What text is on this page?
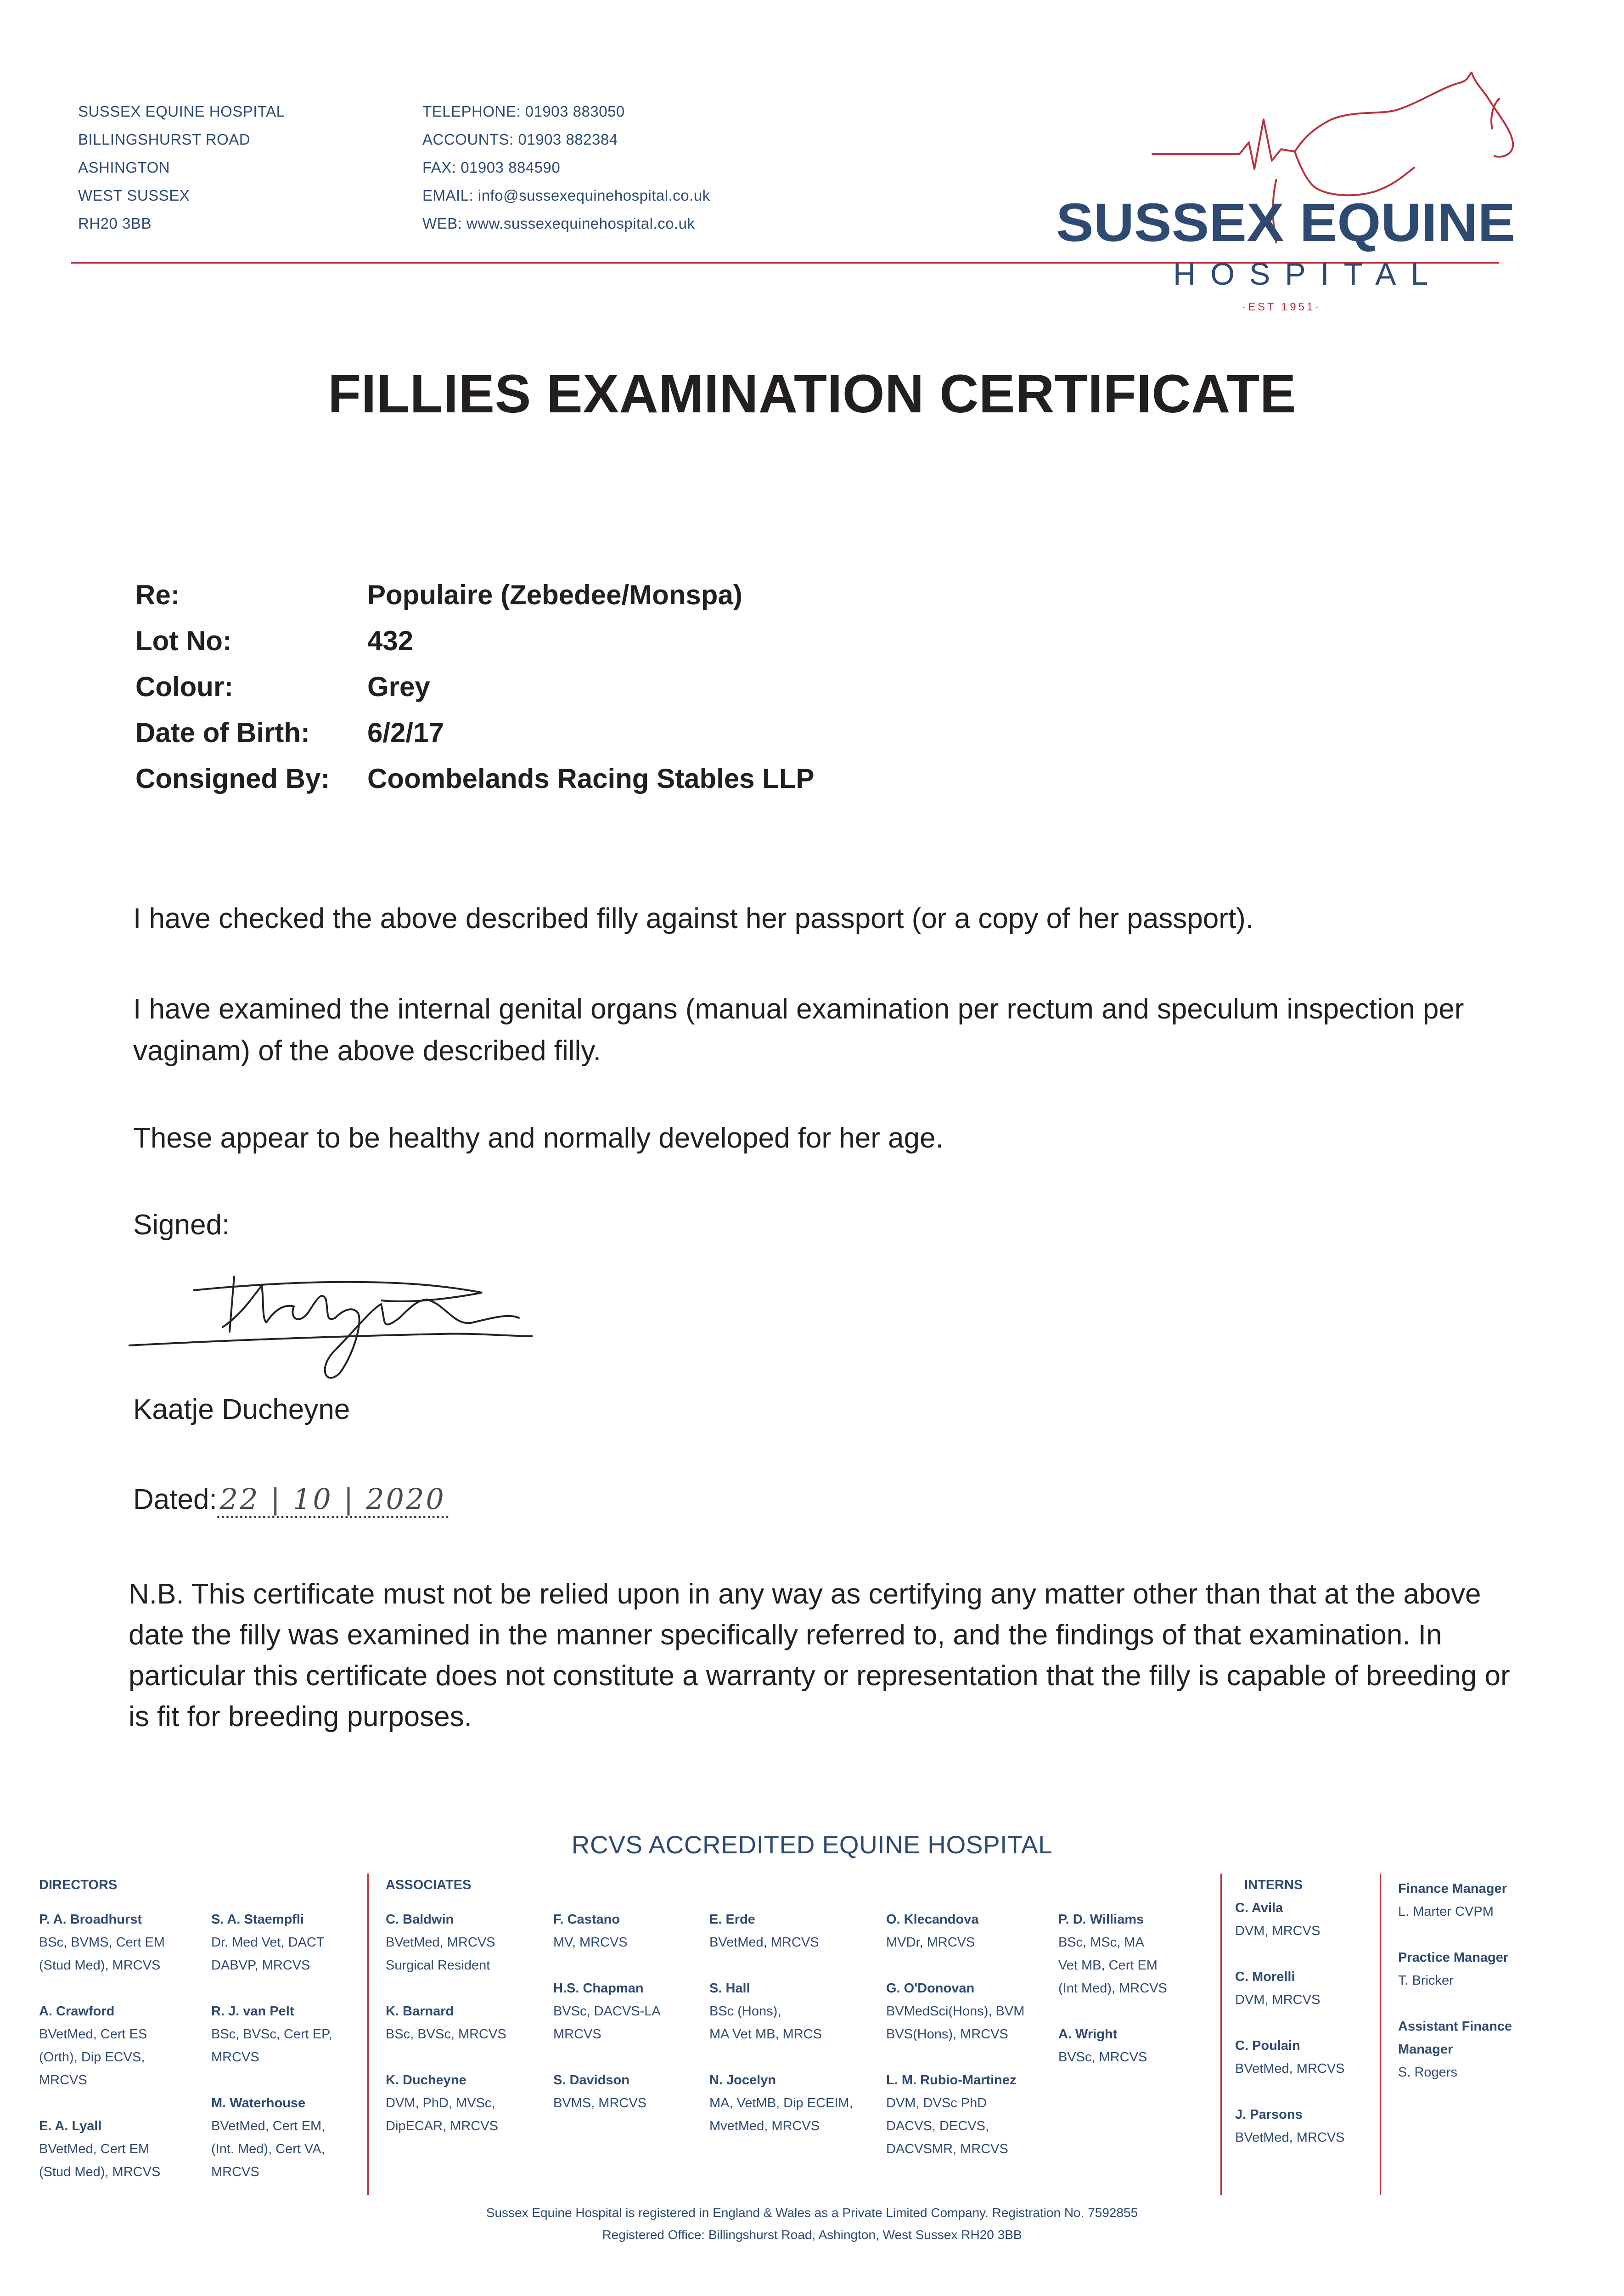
SUSSEX EQUINE HOSPITAL
BILLINGSHURST ROAD
ASHINGTON
WEST SUSSEX
RH20 3BB
TELEPHONE: 01903 883050
ACCOUNTS: 01903 882384
FAX: 01903 884590
EMAIL: info@sussexequinehospital.co.uk
WEB: www.sussexequinehospital.co.uk	SUSSEX EQUINE
HOSPITAL
·EST 1951·
FILLIES EXAMINATION CERTIFICATE
Re:	Populaire (Zebedee/Monspa)
Lot No:	432
Colour:	Grey
Date of Birth:	6/2/17
Consigned By:	Coombelands Racing Stables LLP
I have checked the above described filly against her passport (or a copy of her passport).
I have examined the internal genital organs (manual examination per rectum and speculum inspection per vaginam) of the above described filly.
These appear to be healthy and normally developed for her age.
Signed:
Kaatje Ducheyne
Dated:22 | 10 | 2020
N.B. This certificate must not be relied upon in any way as certifying any matter other than that at the above date the filly was examined in the manner specifically referred to, and the findings of that examination. In particular this certificate does not constitute a warranty or representation that the filly is capable of breeding or is fit for breeding purposes.
RCVS ACCREDITED EQUINE HOSPITAL
DIRECTORS
P. A. Broadhurst
BSc, BVMS, Cert EM
(Stud Med), MRCVS
A. Crawford
BVetMed, Cert ES
(Orth), Dip ECVS,
MRCVS
E. A. Lyall
BVetMed, Cert EM
(Stud Med), MRCVS
S. A. Staempfli
Dr. Med Vet, DACT
DABVP, MRCVS
R. J. van Pelt
BSc, BVSc, Cert EP,
MRCVS
M. Waterhouse
BVetMed, Cert EM,
(Int. Med), Cert VA,
MRCVS
ASSOCIATES
C. Baldwin
BVetMed, MRCVS
Surgical Resident
K. Barnard
BSc, BVSc, MRCVS
K. Ducheyne
DVM, PhD, MVSc,
DipECAR, MRCVS
F. Castano
MV, MRCVS
H.S. Chapman
BVSc, DACVS-LA
MRCVS
S. Davidson
BVMS, MRCVS
E. Erde
BVetMed, MRCVS
S. Hall
BSc (Hons),
MA Vet MB, MRCS
N. Jocelyn
MA, VetMB, Dip ECEIM,
MvetMed, MRCVS
O. Klecandova
MVDr, MRCVS
G. O'Donovan
BVMedSci(Hons), BVM
BVS(Hons), MRCVS
L. M. Rubio-Martinez
DVM, DVSc PhD
DACVS, DECVS,
DACVSMR, MRCVS
P. D. Williams
BSc, MSc, MA
Vet MB, Cert EM
(Int Med), MRCVS
A. Wright
BVSc, MRCVS
INTERNS
C. Avila
DVM, MRCVS
C. Morelli
DVM, MRCVS
C. Poulain
BVetMed, MRCVS
J. Parsons
BVetMed, MRCVS
Finance Manager
L. Marter CVPM
Practice Manager
T. Bricker
Assistant Finance Manager
S. Rogers
Sussex Equine Hospital is registered in England & Wales as a Private Limited Company. Registration No. 7592855
Registered Office: Billingshurst Road, Ashington, West Sussex RH20 3BB
